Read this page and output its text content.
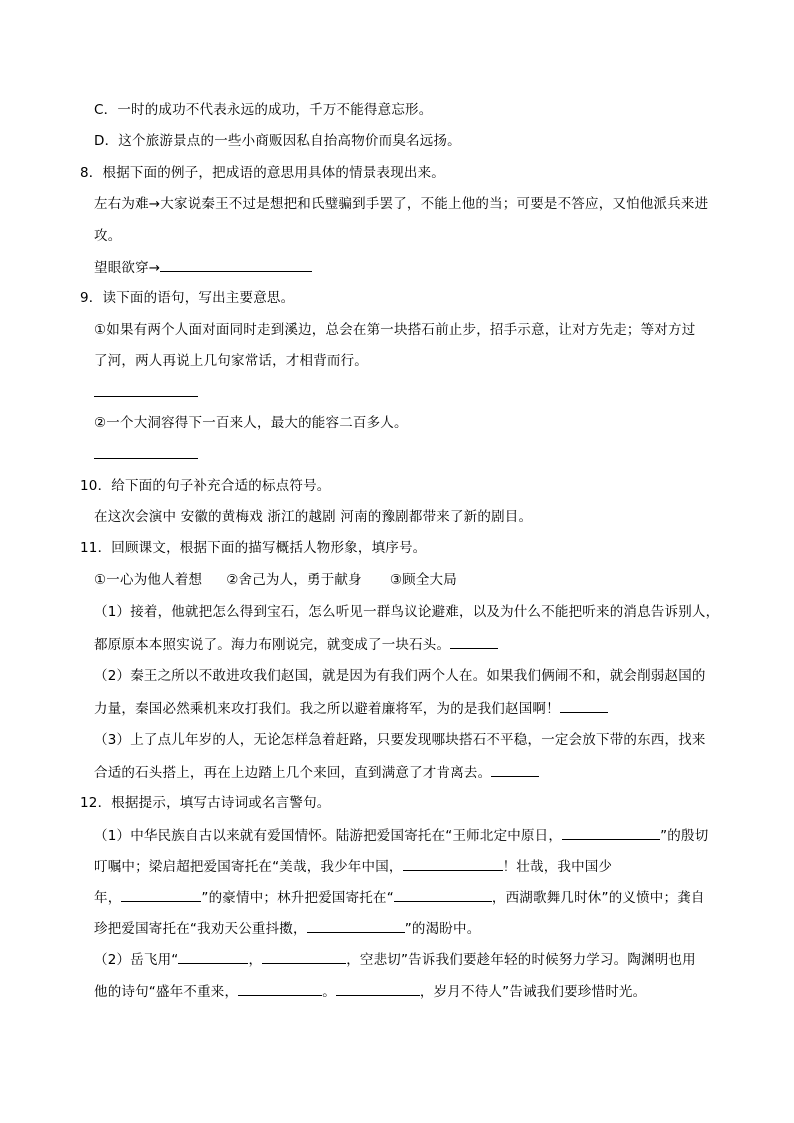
C．一时的成功不代表永远的成功，千万不能得意忘形。
D．这个旅游景点的一些小商贩因私自抬高物价而臭名远扬。
8．根据下面的例子，把成语的意思用具体的情景表现出来。
左右为难→大家说秦王不过是想把和氏璧骗到手罢了，不能上他的当；可要是不答应，又怕他派兵来进
攻。
望眼欲穿→
9．读下面的语句，写出主要意思。
①如果有两个人面对面同时走到溪边，总会在第一块搭石前止步，招手示意，让对方先走；等对方过
了河，两人再说上几句家常话，才相背而行。
②一个大洞容得下一百来人，最大的能容二百多人。
10．给下面的句子补充合适的标点符号。
在这次会演中 安徽的黄梅戏 浙江的越剧 河南的豫剧都带来了新的剧目。
11．回顾课文，根据下面的描写概括人物形象，填序号。
①一心为他人着想 ②舍己为人，勇于献身 ③顾全大局
（1）接着，他就把怎么得到宝石，怎么听见一群鸟议论避难，以及为什么不能把听来的消息告诉别人，
都原原本本照实说了。海力布刚说完，就变成了一块石头。
（2）秦王之所以不敢进攻我们赵国，就是因为有我们两个人在。如果我们俩闹不和，就会削弱赵国的
力量，秦国必然乘机来攻打我们。我之所以避着廉将军，为的是我们赵国啊！
（3）上了点儿年岁的人，无论怎样急着赶路，只要发现哪块搭石不平稳，一定会放下带的东西，找来
合适的石头搭上，再在上边踏上几个来回，直到满意了才肯离去。
12．根据提示，填写古诗词或名言警句。
（1）中华民族自古以来就有爱国情怀。陆游把爱国寄托在“王师北定中原日，	”的殷切
叮嘱中；梁启超把爱国寄托在“美哉，我少年中国，	！壮哉，我中国少
年，	”的豪情中；林升把爱国寄托在“	，西湖歌舞几时休”的义愤中；龚自
珍把爱国寄托在“我劝天公重抖擞，	”的渴盼中。
（2）岳飞用“	，	，空悲切”告诉我们要趁年轻的时候努力学习。陶渊明也用
他的诗句“盛年不重来，	。	，岁月不待人”告诫我们要珍惜时光。
